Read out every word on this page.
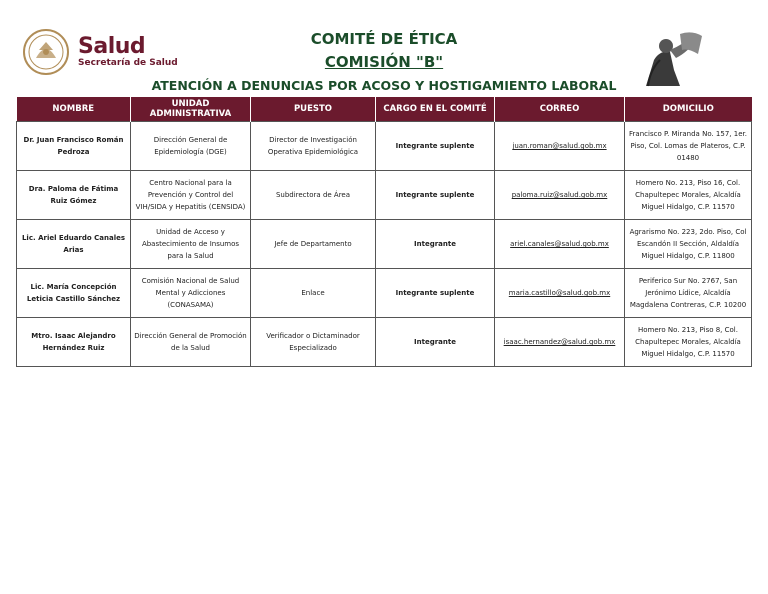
Salud
Secretaría de Salud
COMITÉ DE ÉTICA
COMISIÓN "B"
ATENCIÓN A DENUNCIAS POR ACOSO Y HOSTIGAMIENTO LABORAL
NOMBRE	UNIDAD ADMINISTRATIVA	PUESTO	CARGO EN EL COMITÉ	CORREO	DOMICILIO
Dr. Juan Francisco Román Pedroza	Dirección General de Epidemiología (DGE)	Director de Investigación Operativa Epidemiológica	Integrante suplente	juan.roman@salud.gob.mx	Francisco P. Miranda No. 157, 1er. Piso, Col. Lomas de Plateros, C.P. 01480
Dra. Paloma de Fátima Ruiz Gómez	Centro Nacional para la Prevención y Control del VIH/SIDA y Hepatitis (CENSIDA)	Subdirectora de Área	Integrante suplente	paloma.ruiz@salud.gob.mx	Homero No. 213, Piso 16, Col. Chapultepec Morales, Alcaldía Miguel Hidalgo, C.P. 11570
Lic. Ariel Eduardo Canales Arias	Unidad de Acceso y Abastecimiento de Insumos para la Salud	Jefe de Departamento	Integrante	ariel.canales@salud.gob.mx	Agrarismo No. 223, 2do. Piso, Col Escandón II Sección, Aldaldía Miguel Hidalgo, C.P. 11800
Lic. María Concepción Leticia Castillo Sánchez	Comisión Nacional de Salud Mental y Adicciones (CONASAMA)	Enlace	Integrante suplente	maria.castillo@salud.gob.mx	Periferico Sur No. 2767, San Jerónimo Lídice, Alcaldía Magdalena Contreras, C.P. 10200
Mtro. Isaac Alejandro Hernández Ruiz	Dirección General de Promoción de la Salud	Verificador o Dictaminador Especializado	Integrante	isaac.hernandez@salud.gob.mx	Homero No. 213, Piso 8, Col. Chapultepec Morales, Alcaldía Miguel Hidalgo, C.P. 11570
